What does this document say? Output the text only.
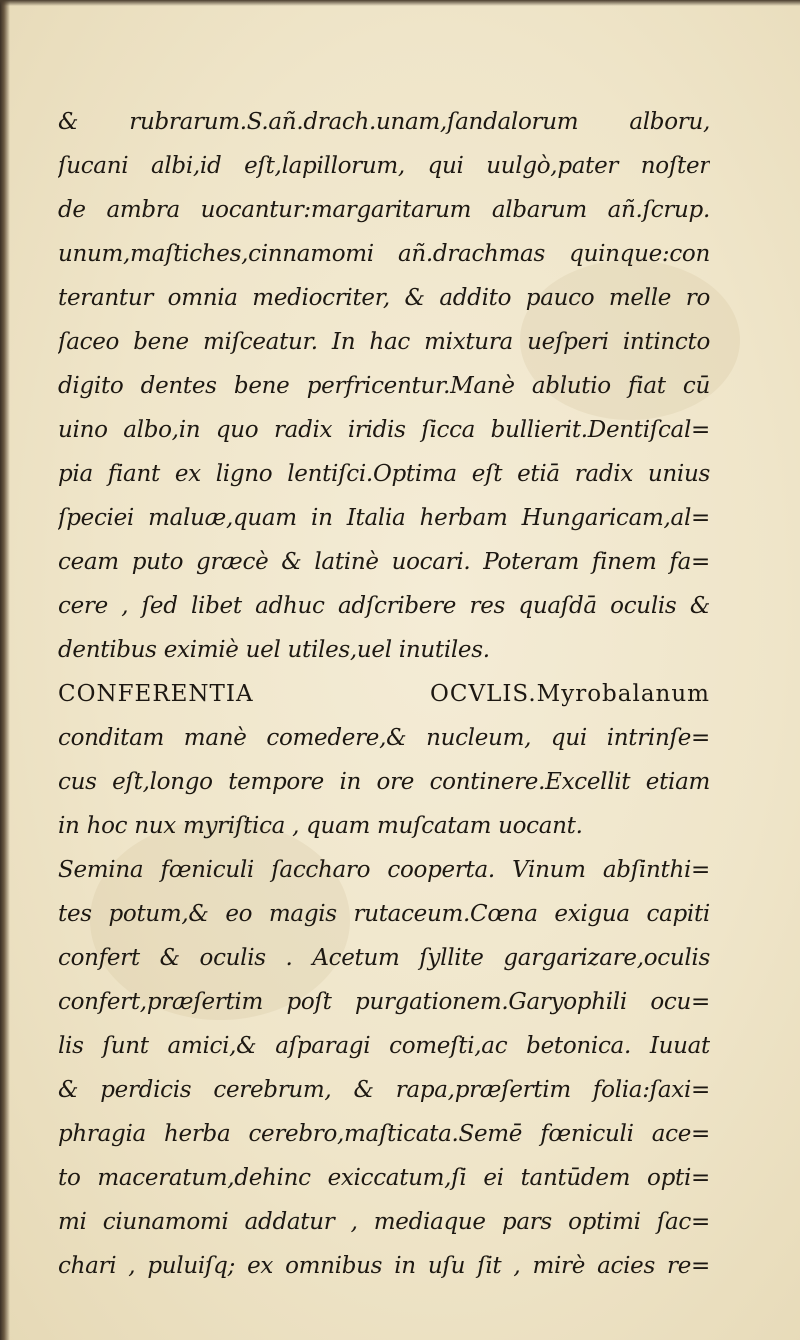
& rubrarum.S.añ.drach.unam,ſandalorum alboru,
ſucani albi,id eſt,lapillorum, qui uulgò,pater noſter
de ambra uocantur:margaritarum albarum añ.ſcrup.
unum,maſtiches,cinnamomi añ.drachmas quinque:con
terantur omnia mediocriter, & addito pauco melle ro
ſaceo bene miſceatur. In hac mixtura ueſperi intincto
digito dentes bene perfricentur.Manè ablutio fiat cū
uino albo,in quo radix iridis ſicca bullierit.Dentiſcal=
pia fiant ex ligno lentiſci.Optima eſt etiā radix unius
ſpeciei maluæ,quam in Italia herbam Hungaricam,al=
ceam puto græcè & latinè uocari. Poteram finem fa=
cere , ſed libet adhuc adſcribere res quaſdā oculis &
dentibus eximiè uel utiles,uel inutiles.
CONFERENTIA OCVLIS.Myrobalanum
conditam manè comedere,& nucleum, qui intrinſe=
cus eſt,longo tempore in ore continere.Excellit etiam
in hoc nux myriſtica , quam muſcatam uocant.
Semina fœniculi ſaccharo cooperta. Vinum abſinthi=
tes potum,& eo magis rutaceum.Cœna exigua capiti
confert & oculis . Acetum ſyllite gargarizare,oculis
confert,præſertim poſt purgationem.Garyophili ocu=
lis ſunt amici,& aſparagi comeſti,ac betonica. Iuuat
& perdicis cerebrum, & rapa,præſertim folia:ſaxi=
phragia herba cerebro,maſticata.Semē fœniculi ace=
to maceratum,dehinc exiccatum,ſi ei tantūdem opti=
mi ciunamomi addatur , mediaque pars optimi ſac=
chari , puluiſq; ex omnibus in uſu ſit , mirè acies re=
